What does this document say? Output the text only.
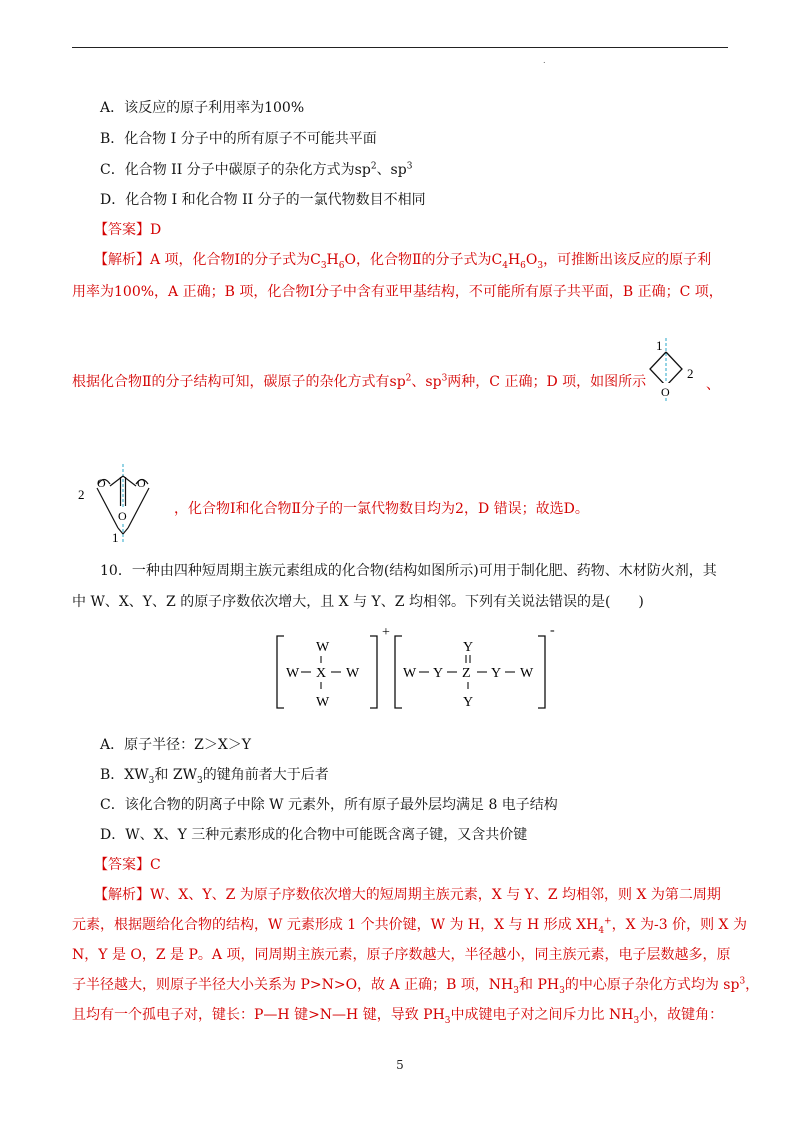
.
A．该反应的原子利用率为100%
B．化合物 I 分子中的所有原子不可能共平面
C．化合物 II 分子中碳原子的杂化方式为$sp^2$、$sp^3$
D．化合物 I 和化合物 II 分子的一氯代物数目不相同
【答案】D
【解析】A 项，化合物Ⅰ的分子式为$C_3H_6O$，化合物Ⅱ的分子式为$C_4H_6O_3$，可推断出该反应的原子利
用率为100%，A 正确；B 项，化合物Ⅰ分子中含有亚甲基结构，不可能所有原子共平面，B 正确；C 项，
根据化合物Ⅱ的分子结构可知，碳原子的杂化方式有$sp^2$、$sp^3$两种，C 正确；D 项，如图所示	、
1
2
O
2
1
O	O
O	，化合物Ⅰ和化合物Ⅱ分子的一氯代物数目均为2，D 错误；故选D。
10．一种由四种短周期主族元素组成的化合物(结构如图所示)可用于制化肥、药物、木材防火剂，其
中 W、X、Y、Z 的原子序数依次增大，且 X 与 Y、Z 均相邻。下列有关说法错误的是(　　)
+
W
W X W
W
-
W Y Z Y W
Y
Y
A．原子半径：Z＞X＞Y
B．$XW_3$和 $ZW_3$的键角前者大于后者
C．该化合物的阴离子中除 W 元素外，所有原子最外层均满足 8 电子结构
D．W、X、Y 三种元素形成的化合物中可能既含离子键，又含共价键
【答案】C
【解析】W、X、Y、Z 为原子序数依次增大的短周期主族元素，X 与 Y、Z 均相邻，则 X 为第二周期
元素，根据题给化合物的结构，W 元素形成 1 个共价键，W 为 H，X 与 H 形成 $XH_4^+$，X 为-3 价，则 X 为
N，Y 是 O，Z 是 P。A 项，同周期主族元素，原子序数越大，半径越小，同主族元素，电子层数越多，原
子半径越大，则原子半径大小关系为 P>N>O，故 A 正确；B 项，$NH_3$和 $PH_3$的中心原子杂化方式均为 $sp^3$，
且均有一个孤电子对，键长：P—H 键>N—H 键，导致 $PH_3$中成键电子对之间斥力比 $NH_3$小，故键角：
5
